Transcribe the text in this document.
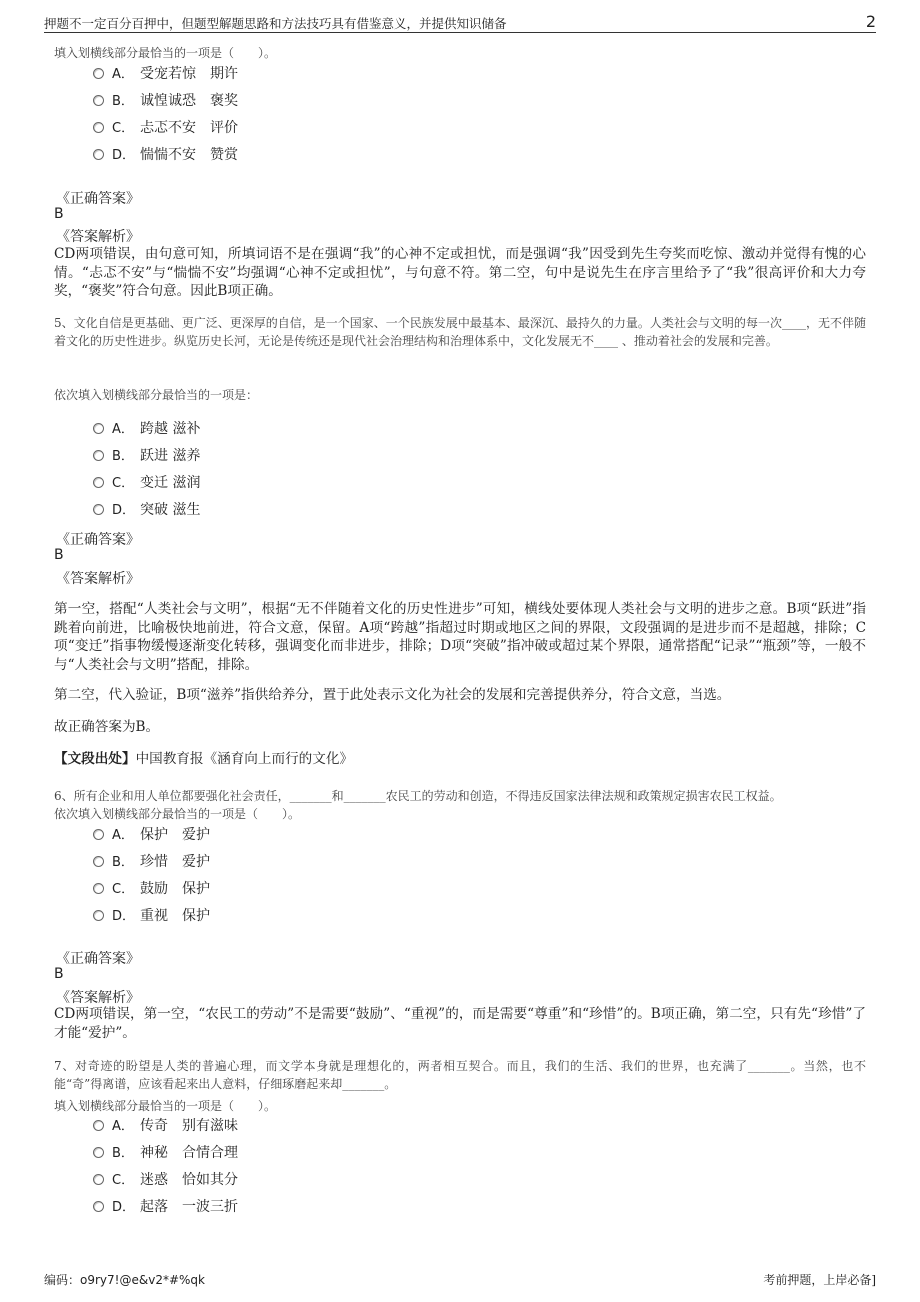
押题不一定百分百押中，但题型解题思路和方法技巧具有借鉴意义，并提供知识储备	2
填入划横线部分最恰当的一项是（　　）。
A． 受宠若惊 期许
B． 诚惶诚恐 褒奖
C． 忐忑不安 评价
D． 惴惴不安 赞赏
《正确答案》
B
《答案解析》
CD两项错误，由句意可知，所填词语不是在强调“我”的心神不定或担忧，而是强调“我”因受到先生夸奖而吃惊、激动并觉得有愧的心情。“忐忑不安”与“惴惴不安”均强调“心神不定或担忧”，与句意不符。第二空，句中是说先生在序言里给予了“我”很高评价和大力夸奖，“褒奖”符合句意。因此B项正确。
5、文化自信是更基础、更广泛、更深厚的自信，是一个国家、一个民族发展中最基本、最深沉、最持久的力量。人类社会与文明的每一次____，无不伴随着文化的历史性进步。纵览历史长河，无论是传统还是现代社会治理结构和治理体系中，文化发展无不____ 、推动着社会的发展和完善。
依次填入划横线部分最恰当的一项是：
A． 跨越 滋补
B． 跃进 滋养
C． 变迁 滋润
D． 突破 滋生
《正确答案》
B
《答案解析》
第一空，搭配“人类社会与文明”，根据“无不伴随着文化的历史性进步”可知，横线处要体现人类社会与文明的进步之意。B项“跃进”指跳着向前进，比喻极快地前进，符合文意，保留。A项“跨越”指超过时期或地区之间的界限，文段强调的是进步而不是超越，排除；C项“变迁”指事物缓慢逐渐变化转移，强调变化而非进步，排除；D项“突破”指冲破或超过某个界限，通常搭配“记录”“瓶颈”等，一般不与“人类社会与文明”搭配，排除。
第二空，代入验证，B项“滋养”指供给养分，置于此处表示文化为社会的发展和完善提供养分，符合文意，当选。
故正确答案为B。
【文段出处】中国教育报《涵育向上而行的文化》
6、所有企业和用人单位都要强化社会责任，_______和_______农民工的劳动和创造，不得违反国家法律法规和政策规定损害农民工权益。
依次填入划横线部分最恰当的一项是（　　）。
A． 保护 爱护
B． 珍惜 爱护
C． 鼓励 保护
D． 重视 保护
《正确答案》
B
《答案解析》
CD两项错误，第一空，“农民工的劳动”不是需要“鼓励”、“重视”的，而是需要“尊重”和“珍惜”的。B项正确，第二空，只有先“珍惜”了才能“爱护”。
7、对奇迹的盼望是人类的普遍心理，而文学本身就是理想化的，两者相互契合。而且，我们的生活、我们的世界，也充满了_______。当然，也不能“奇”得离谱，应该看起来出人意料，仔细琢磨起来却_______。
填入划横线部分最恰当的一项是（　　）。
A． 传奇 别有滋味
B． 神秘 合情合理
C． 迷惑 恰如其分
D． 起落 一波三折
编码：o9ry7!@e&v2*#%qk	考前押题，上岸必备]
